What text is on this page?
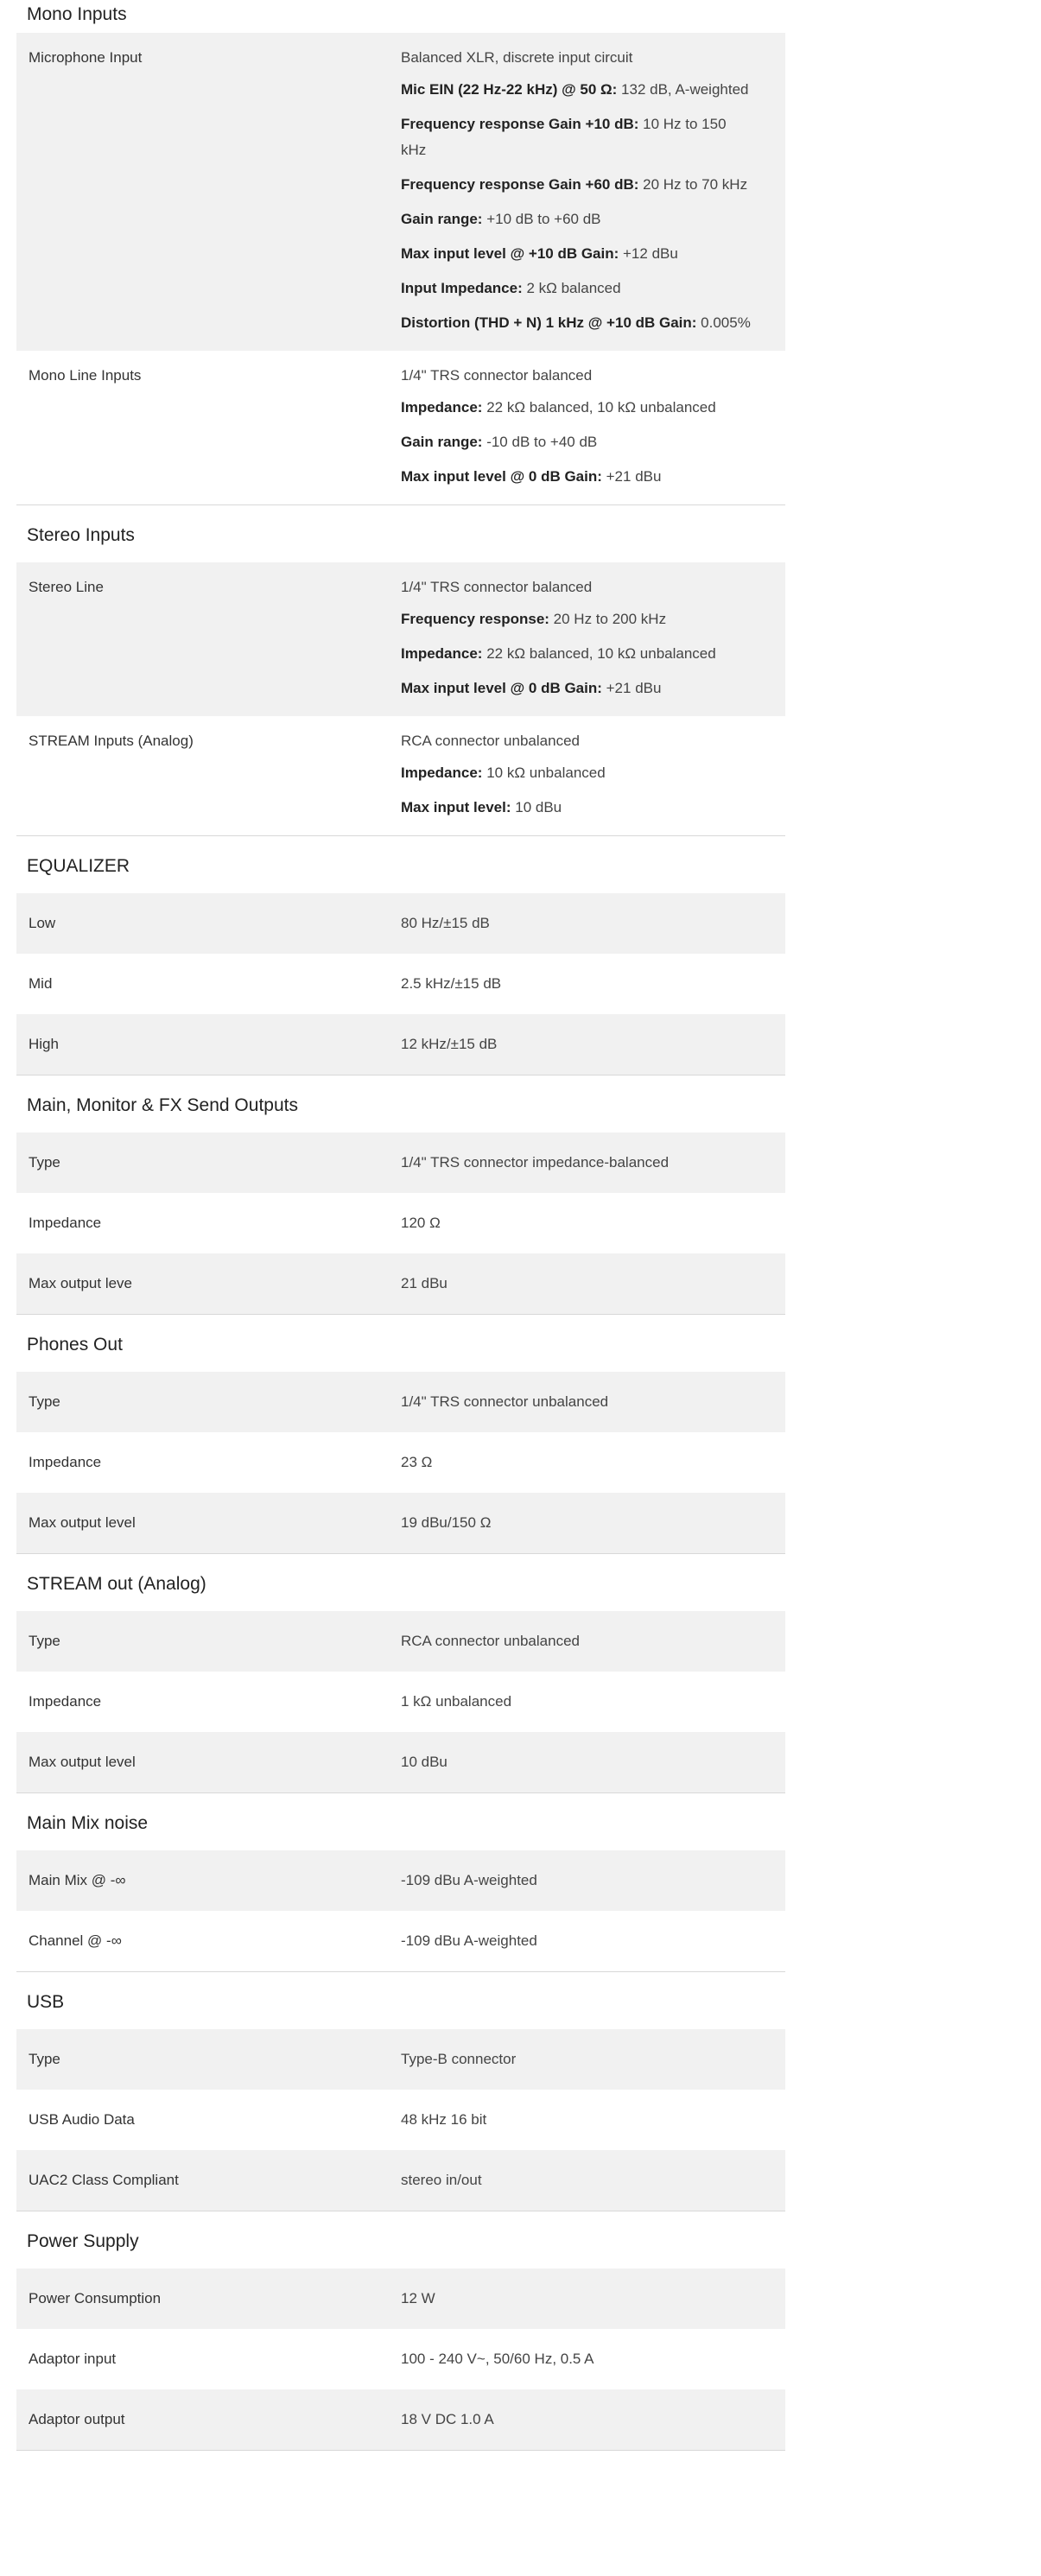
Mono Inputs
Microphone Input	Balanced XLR, discrete input circuit
Mic EIN (22 Hz-22 kHz) @ 50 Ω: 132 dB, A-weighted
Frequency response Gain +10 dB: 10 Hz to 150 kHz
Frequency response Gain +60 dB: 20 Hz to 70 kHz
Gain range: +10 dB to +60 dB
Max input level @ +10 dB Gain: +12 dBu
Input Impedance: 2 kΩ balanced
Distortion (THD + N) 1 kHz @ +10 dB Gain: 0.005%
Mono Line Inputs	1/4" TRS connector balanced
Impedance: 22 kΩ balanced, 10 kΩ unbalanced
Gain range: -10 dB to +40 dB
Max input level @ 0 dB Gain: +21 dBu
Stereo Inputs
Stereo Line	1/4" TRS connector balanced
Frequency response: 20 Hz to 200 kHz
Impedance: 22 kΩ balanced, 10 kΩ unbalanced
Max input level @ 0 dB Gain: +21 dBu
STREAM Inputs (Analog)	RCA connector unbalanced
Impedance: 10 kΩ unbalanced
Max input level: 10 dBu
EQUALIZER
Low	80 Hz/±15 dB
Mid	2.5 kHz/±15 dB
High	12 kHz/±15 dB
Main, Monitor & FX Send Outputs
Type	1/4" TRS connector impedance-balanced
Impedance	120 Ω
Max output leve	21 dBu
Phones Out
Type	1/4" TRS connector unbalanced
Impedance	23 Ω
Max output level	19 dBu/150 Ω
STREAM out (Analog)
Type	RCA connector unbalanced
Impedance	1 kΩ unbalanced
Max output level	10 dBu
Main Mix noise
Main Mix @ -∞	-109 dBu A-weighted
Channel @ -∞	-109 dBu A-weighted
USB
Type	Type-B connector
USB Audio Data	48 kHz 16 bit
UAC2 Class Compliant	stereo in/out
Power Supply
Power Consumption	12 W
Adaptor input	100 - 240 V~, 50/60 Hz, 0.5 A
Adaptor output	18 V DC 1.0 A
